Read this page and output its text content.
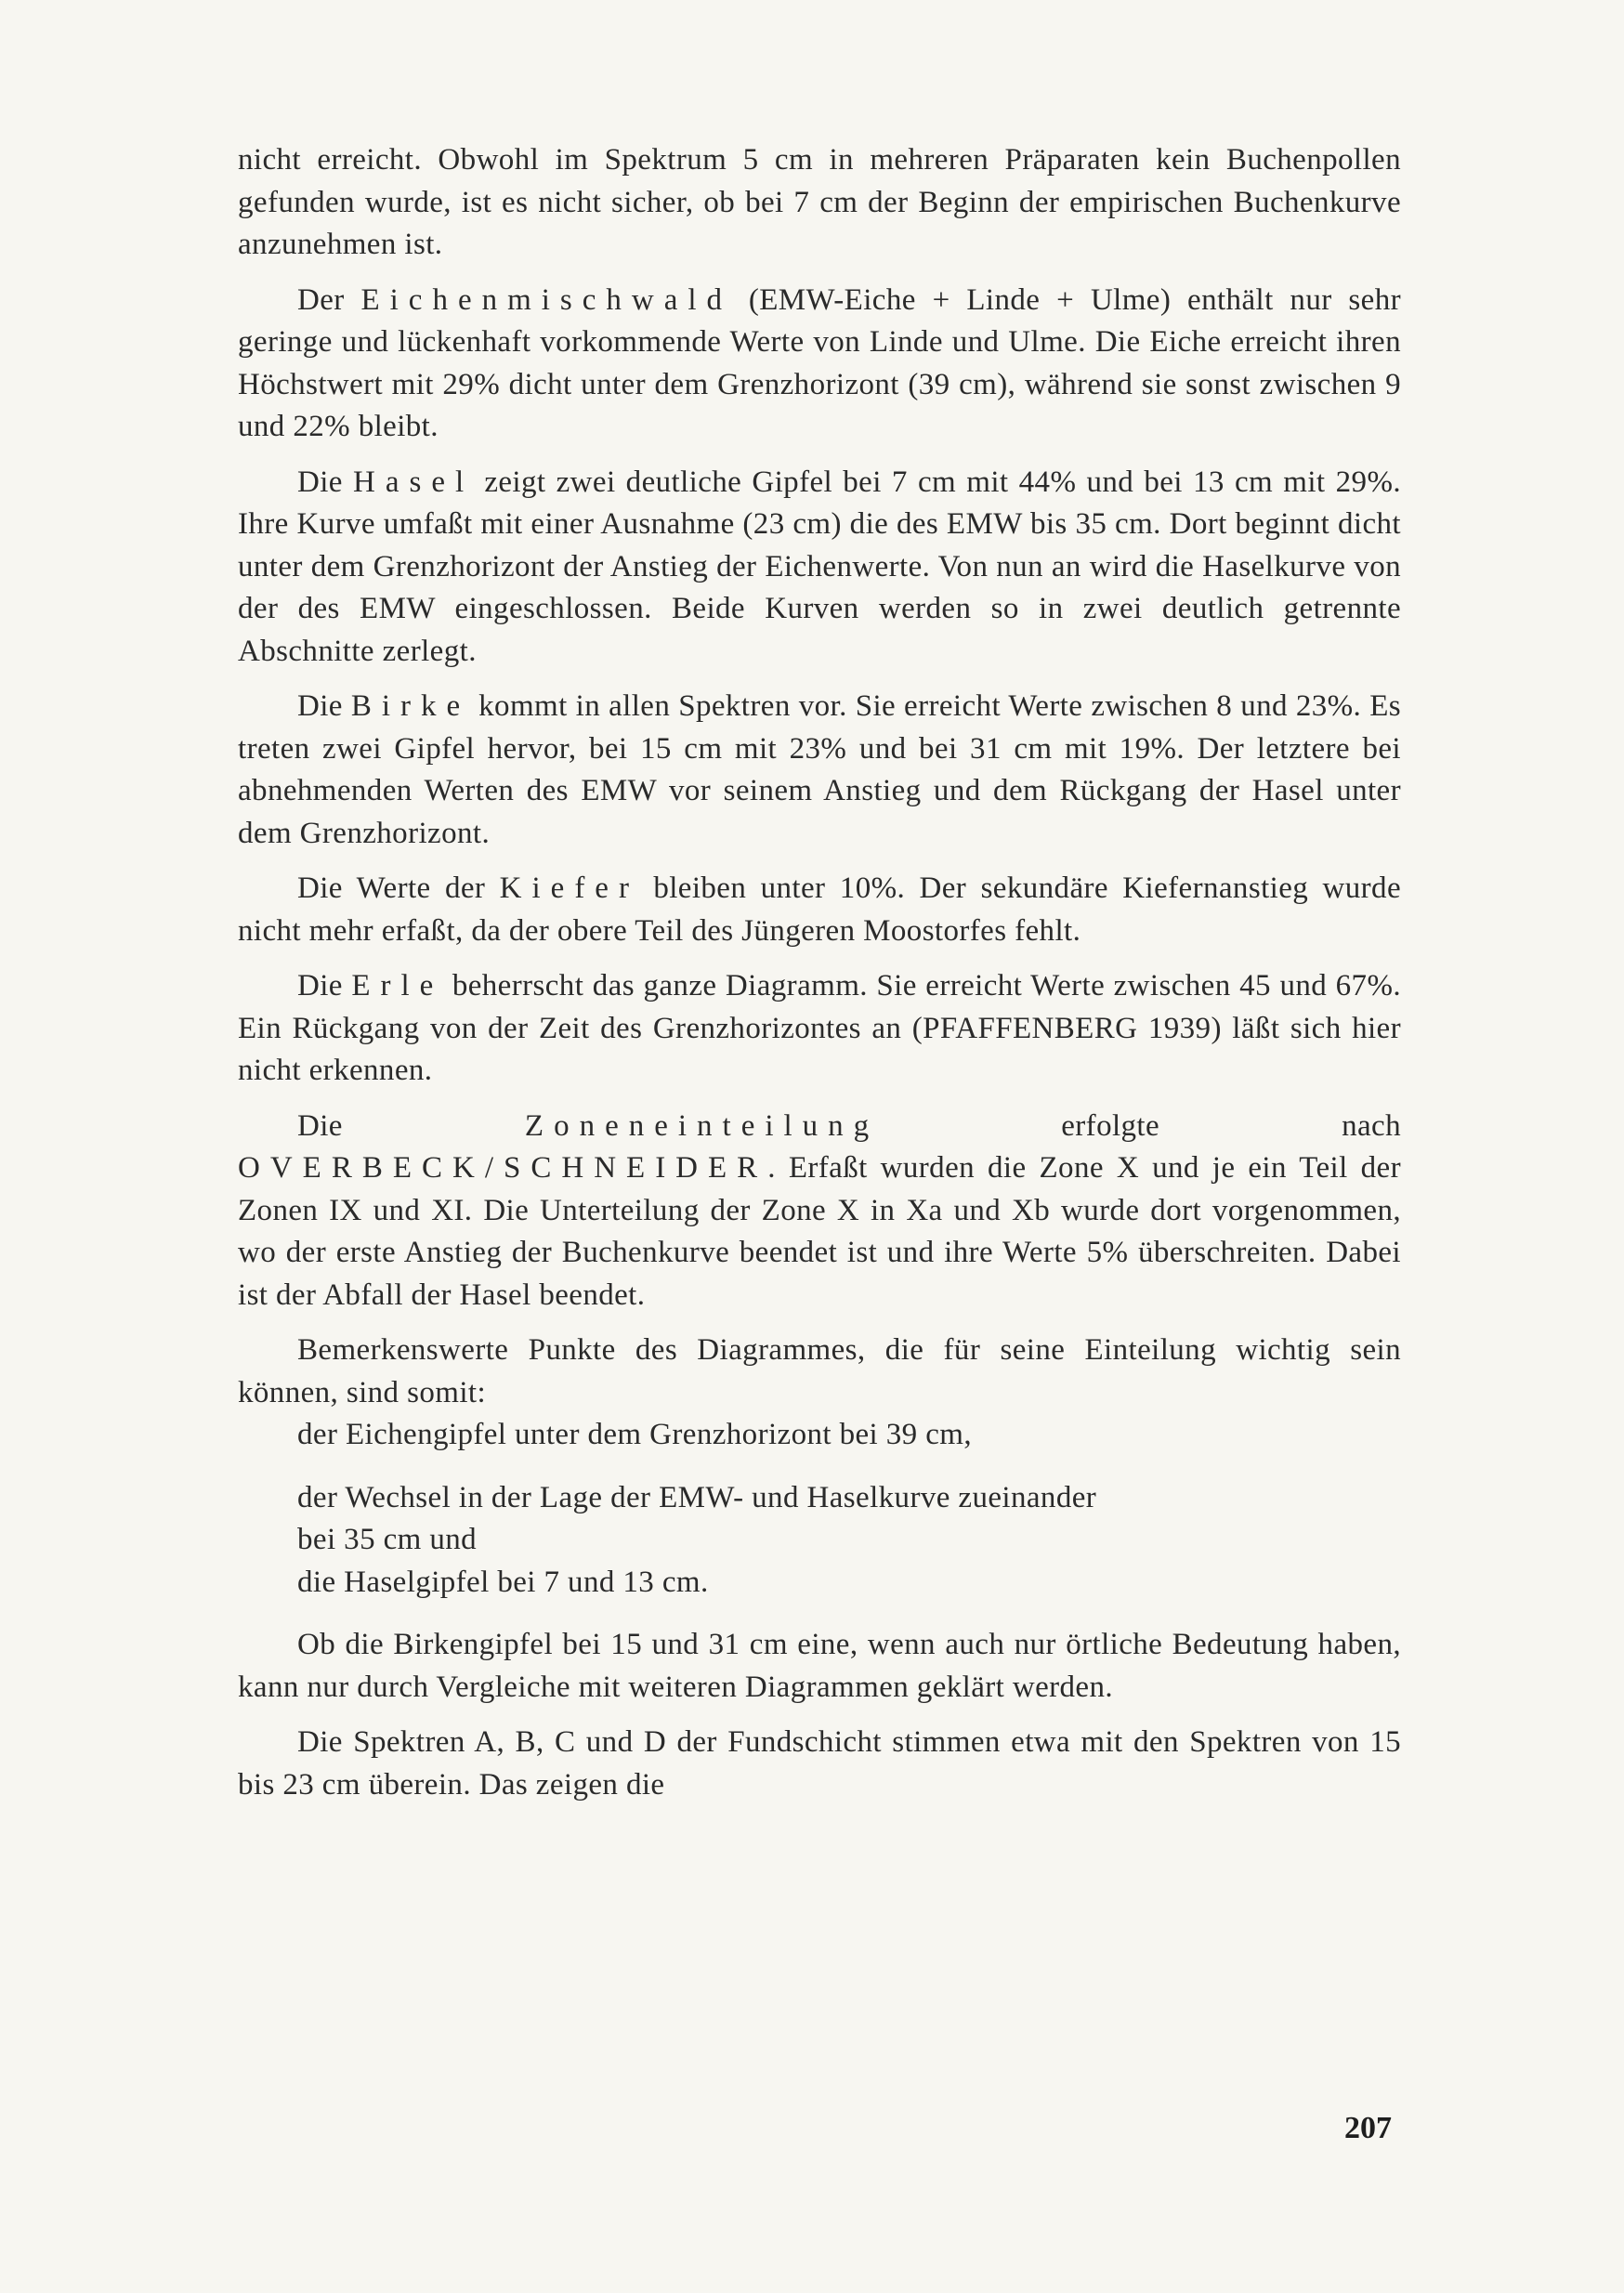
nicht erreicht. Obwohl im Spektrum 5 cm in mehreren Präparaten kein Buchenpollen gefunden wurde, ist es nicht sicher, ob bei 7 cm der Beginn der empirischen Buchenkurve anzunehmen ist.

Der Eichenmischwald (EMW-Eiche + Linde + Ulme) enthält nur sehr geringe und lückenhaft vorkommende Werte von Linde und Ulme. Die Eiche erreicht ihren Höchstwert mit 29% dicht unter dem Grenzhorizont (39 cm), während sie sonst zwischen 9 und 22% bleibt.

Die Hasel zeigt zwei deutliche Gipfel bei 7 cm mit 44% und bei 13 cm mit 29%. Ihre Kurve umfaßt mit einer Ausnahme (23 cm) die des EMW bis 35 cm. Dort beginnt dicht unter dem Grenzhorizont der Anstieg der Eichenwerte. Von nun an wird die Haselkurve von der des EMW eingeschlossen. Beide Kurven werden so in zwei deutlich getrennte Abschnitte zerlegt.

Die Birke kommt in allen Spektren vor. Sie erreicht Werte zwischen 8 und 23%. Es treten zwei Gipfel hervor, bei 15 cm mit 23% und bei 31 cm mit 19%. Der letztere bei abnehmenden Werten des EMW vor seinem Anstieg und dem Rückgang der Hasel unter dem Grenzhorizont.

Die Werte der Kiefer bleiben unter 10%. Der sekundäre Kiefernanstieg wurde nicht mehr erfaßt, da der obere Teil des Jüngeren Moostorfes fehlt.

Die Erle beherrscht das ganze Diagramm. Sie erreicht Werte zwischen 45 und 67%. Ein Rückgang von der Zeit des Grenzhorizontes an (PFAFFENBERG 1939) läßt sich hier nicht erkennen.

Die Zoneneinteilung erfolgte nach OVERBECK/SCHNEIDER. Erfaßt wurden die Zone X und je ein Teil der Zonen IX und XI. Die Unterteilung der Zone X in Xa und Xb wurde dort vorgenommen, wo der erste Anstieg der Buchenkurve beendet ist und ihre Werte 5% überschreiten. Dabei ist der Abfall der Hasel beendet.

Bemerkenswerte Punkte des Diagrammes, die für seine Einteilung wichtig sein können, sind somit:

der Eichengipfel unter dem Grenzhorizont bei 39 cm,
der Wechsel in der Lage der EMW- und Haselkurve zueinander
bei 35 cm und
die Haselgipfel bei 7 und 13 cm.

Ob die Birkengipfel bei 15 und 31 cm eine, wenn auch nur örtliche Bedeutung haben, kann nur durch Vergleiche mit weiteren Diagrammen geklärt werden.

Die Spektren A, B, C und D der Fundschicht stimmen etwa mit den Spektren von 15 bis 23 cm überein. Das zeigen die

207
